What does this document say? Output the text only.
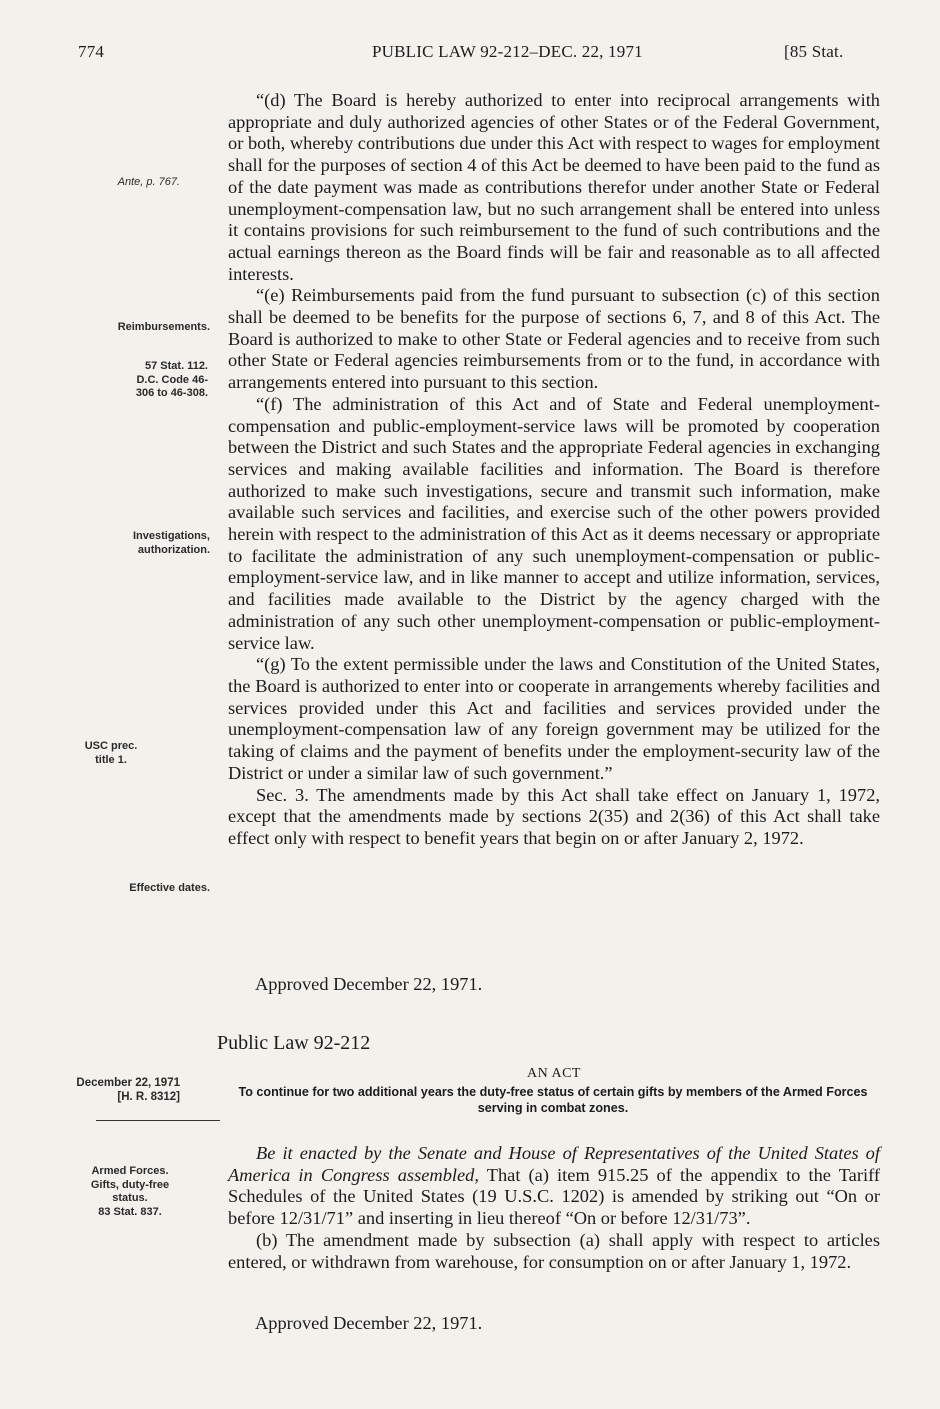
774	PUBLIC LAW 92-212–DEC. 22, 1971	[85 Stat.
Ante, p. 767.
Reimbursements.
57 Stat. 112.
D.C. Code 46-
306 to 46-308.
Investigations,
authorization.
USC prec.
title 1.
Effective dates.
December 22, 1971
[H. R. 8312]
Armed Forces.
Gifts, duty-free
status.
83 Stat. 837.

“(d) The Board is hereby authorized to enter into reciprocal arrangements with appropriate and duly authorized agencies of other States or of the Federal Government, or both, whereby contributions due under this Act with respect to wages for employment shall for the purposes of section 4 of this Act be deemed to have been paid to the fund as of the date payment was made as contributions therefor under another State or Federal unemployment-compensation law, but no such arrangement shall be entered into unless it contains provisions for such reimbursement to the fund of such contributions and the actual earnings thereon as the Board finds will be fair and reasonable as to all affected interests.

“(e) Reimbursements paid from the fund pursuant to subsection (c) of this section shall be deemed to be benefits for the purpose of sections 6, 7, and 8 of this Act. The Board is authorized to make to other State or Federal agencies and to receive from such other State or Federal agencies reimbursements from or to the fund, in accordance with arrangements entered into pursuant to this section.

“(f) The administration of this Act and of State and Federal unemployment-compensation and public-employment-service laws will be promoted by cooperation between the District and such States and the appropriate Federal agencies in exchanging services and making available facilities and information. The Board is therefore authorized to make such investigations, secure and transmit such information, make available such services and facilities, and exercise such of the other powers provided herein with respect to the administration of this Act as it deems necessary or appropriate to facilitate the administration of any such unemployment-compensation or public-employment-service law, and in like manner to accept and utilize information, services, and facilities made available to the District by the agency charged with the administration of any such other unemployment-compensation or public-employment-service law.

“(g) To the extent permissible under the laws and Constitution of the United States, the Board is authorized to enter into or cooperate in arrangements whereby facilities and services provided under this Act and facilities and services provided under the unemployment-compensation law of any foreign government may be utilized for the taking of claims and the payment of benefits under the employment-security law of the District or under a similar law of such government.”

Sec. 3. The amendments made by this Act shall take effect on January 1, 1972, except that the amendments made by sections 2(35) and 2(36) of this Act shall take effect only with respect to benefit years that begin on or after January 2, 1972.

Approved December 22, 1971.
Public Law 92-212
AN ACT
To continue for two additional years the duty-free status of certain gifts by members of the Armed Forces serving in combat zones.

Be it enacted by the Senate and House of Representatives of the United States of America in Congress assembled, That (a) item 915.25 of the appendix to the Tariff Schedules of the United States (19 U.S.C. 1202) is amended by striking out “On or before 12/31/71” and inserting in lieu thereof “On or before 12/31/73”.

(b) The amendment made by subsection (a) shall apply with respect to articles entered, or withdrawn from warehouse, for consumption on or after January 1, 1972.

Approved December 22, 1971.
